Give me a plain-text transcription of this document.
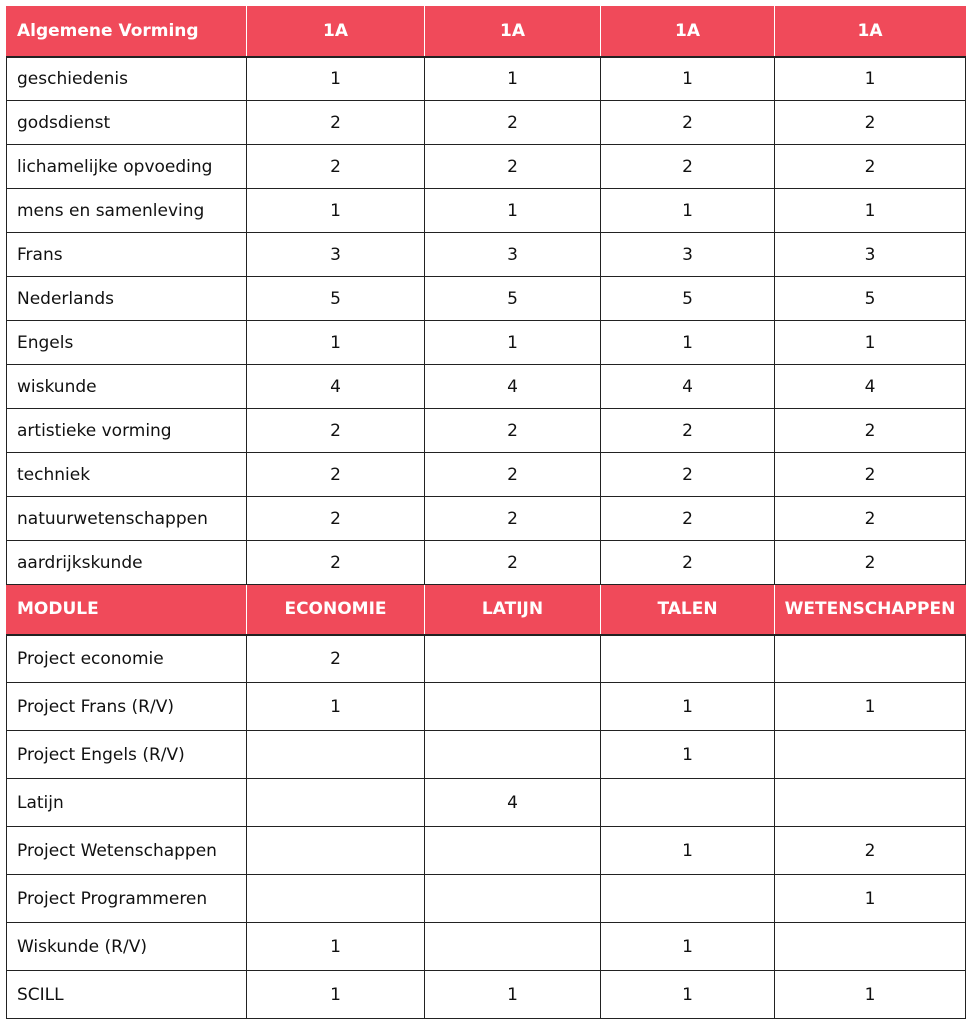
Algemene Vorming	1A	1A	1A	1A
geschiedenis	1	1	1	1
godsdienst	2	2	2	2
lichamelijke opvoeding	2	2	2	2
mens en samenleving	1	1	1	1
Frans	3	3	3	3
Nederlands	5	5	5	5
Engels	1	1	1	1
wiskunde	4	4	4	4
artistieke vorming	2	2	2	2
techniek	2	2	2	2
natuurwetenschappen	2	2	2	2
aardrijkskunde	2	2	2	2
MODULE	ECONOMIE	LATIJN	TALEN	WETENSCHAPPEN
Project economie	2			
Project Frans (R/V)	1		1	1
Project Engels (R/V)			1	
Latijn		4		
Project Wetenschappen			1	2
Project Programmeren				1
Wiskunde (R/V)	1		1	
SCILL	1	1	1	1
